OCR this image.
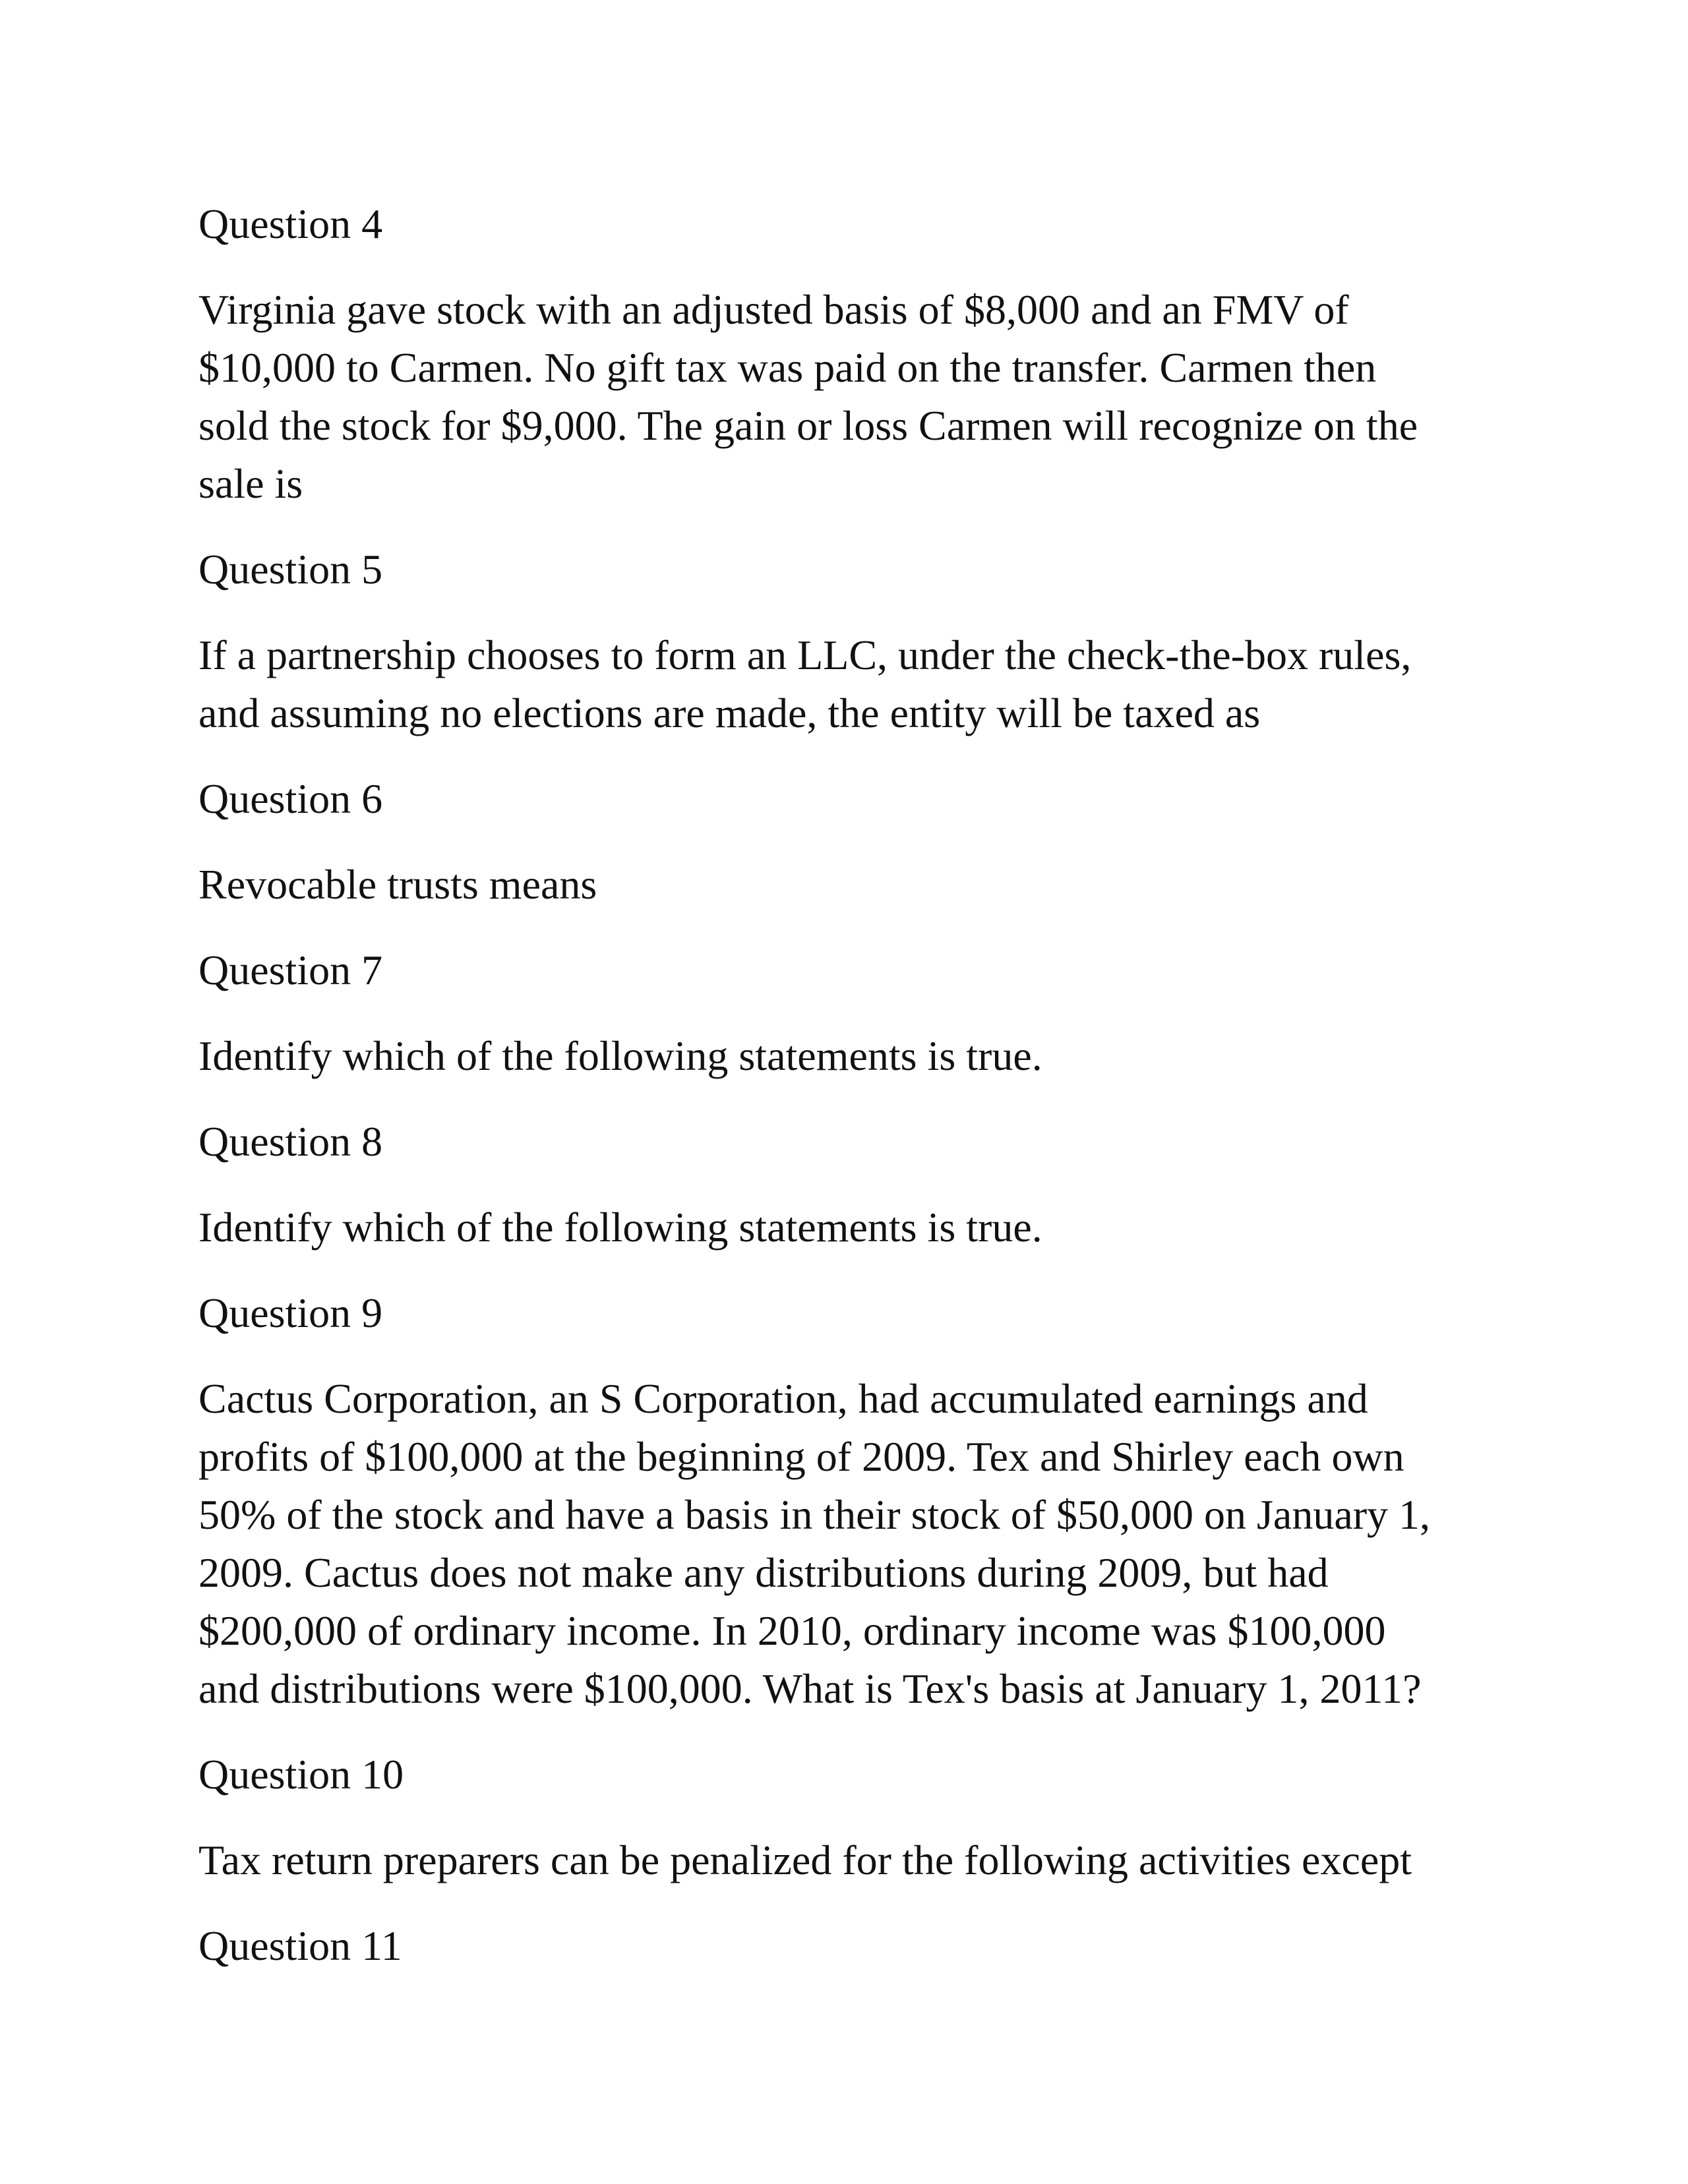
Question 4

Virginia gave stock with an adjusted basis of $8,000 and an FMV of
$10,000 to Carmen. No gift tax was paid on the transfer. Carmen then
sold the stock for $9,000. The gain or loss Carmen will recognize on the
sale is

Question 5

If a partnership chooses to form an LLC, under the check-the-box rules,
and assuming no elections are made, the entity will be taxed as

Question 6

Revocable trusts means

Question 7

Identify which of the following statements is true.

Question 8

Identify which of the following statements is true.

Question 9

Cactus Corporation, an S Corporation, had accumulated earnings and
profits of $100,000 at the beginning of 2009. Tex and Shirley each own
50% of the stock and have a basis in their stock of $50,000 on January 1,
2009. Cactus does not make any distributions during 2009, but had
$200,000 of ordinary income. In 2010, ordinary income was $100,000
and distributions were $100,000. What is Tex's basis at January 1, 2011?

Question 10

Tax return preparers can be penalized for the following activities except

Question 11
